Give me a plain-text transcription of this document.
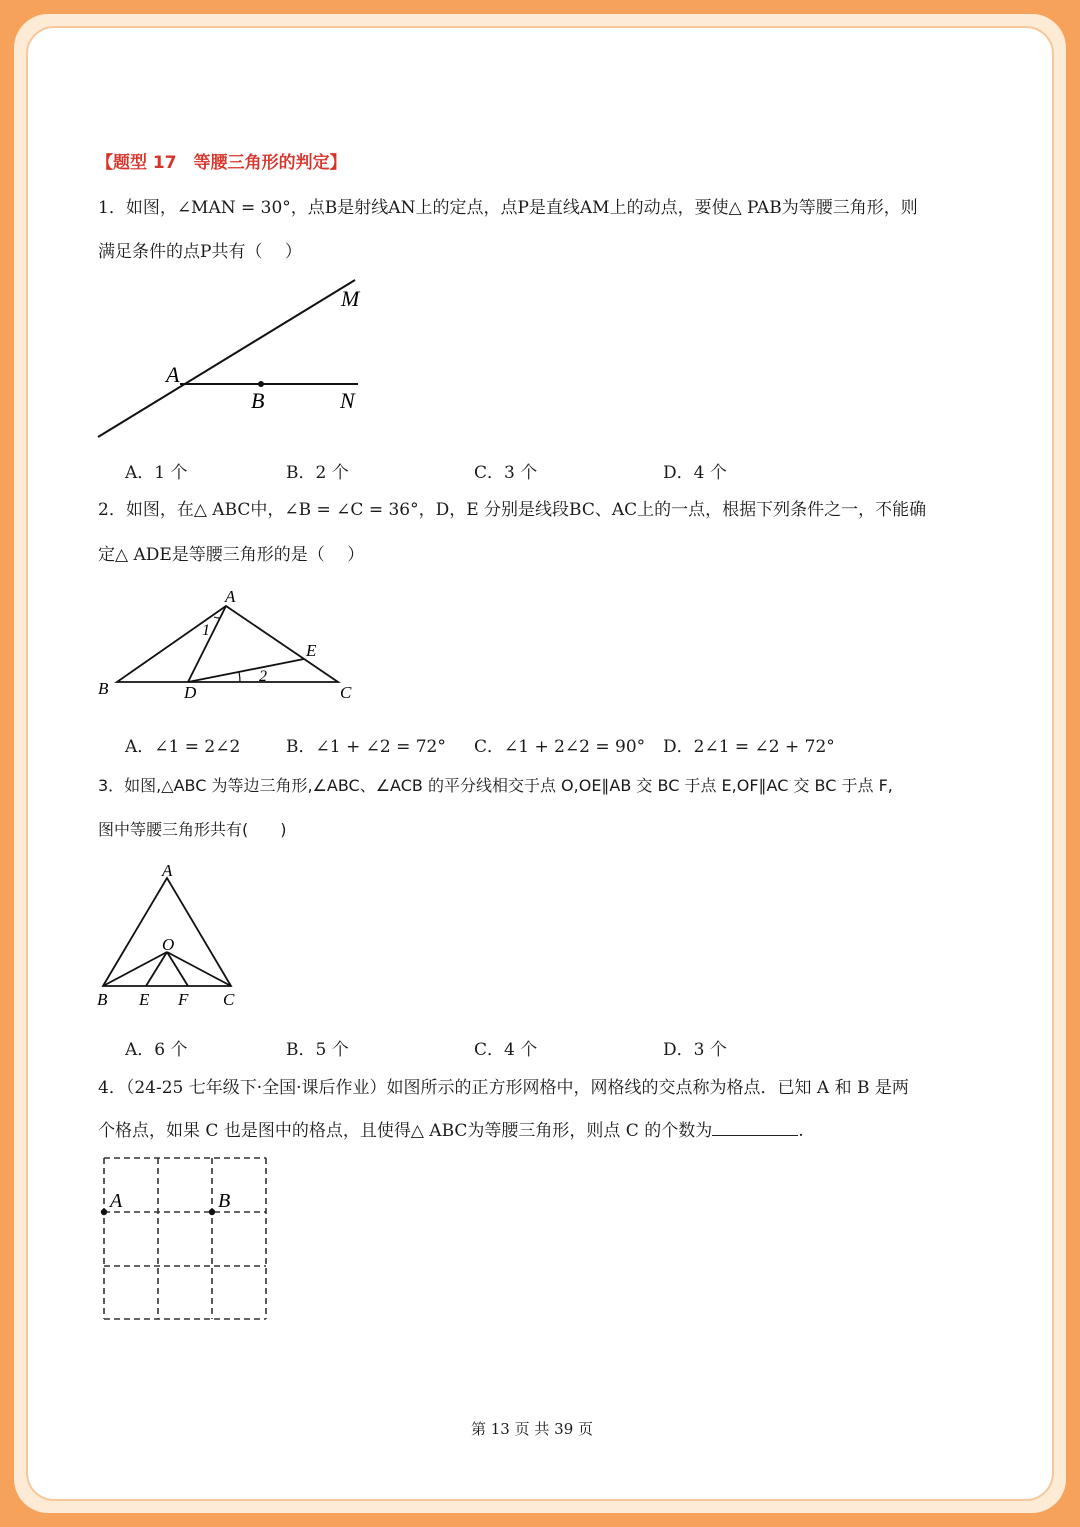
【题型 17　等腰三角形的判定】
1．如图，∠MAN = 30°，点B是射线AN上的定点，点P是直线AM上的动点，要使△ PAB为等腰三角形，则
满足条件的点P共有（　 ）
M
A
B	N
A．1 个	B．2 个	C．3 个	D．4 个
2．如图，在△ ABC中，∠B = ∠C = 36°，D，E 分别是线段BC、AC上的一点，根据下列条件之一，不能确
定△ ADE是等腰三角形的是（　 ）
A
B	D	C
E
1
2
A．∠1 = 2∠2	B．∠1 + ∠2 = 72° C．∠1 + 2∠2 = 90° D．2∠1 = ∠2 + 72°
3．如图,△ABC 为等边三角形,∠ABC、∠ACB 的平分线相交于点 O,OE∥AB 交 BC 于点 E,OF∥AC 交 BC 于点 F,
图中等腰三角形共有(　　)
A
O
B E F C
A．6 个	B．5 个	C．4 个	D．3 个
4．（24-25 七年级下·全国·课后作业）如图所示的正方形网格中，网格线的交点称为格点．已知 A 和 B 是两
个格点，如果 C 也是图中的格点，且使得△ ABC为等腰三角形，则点 C 的个数为	.
A	B
第 13 页 共 39 页
